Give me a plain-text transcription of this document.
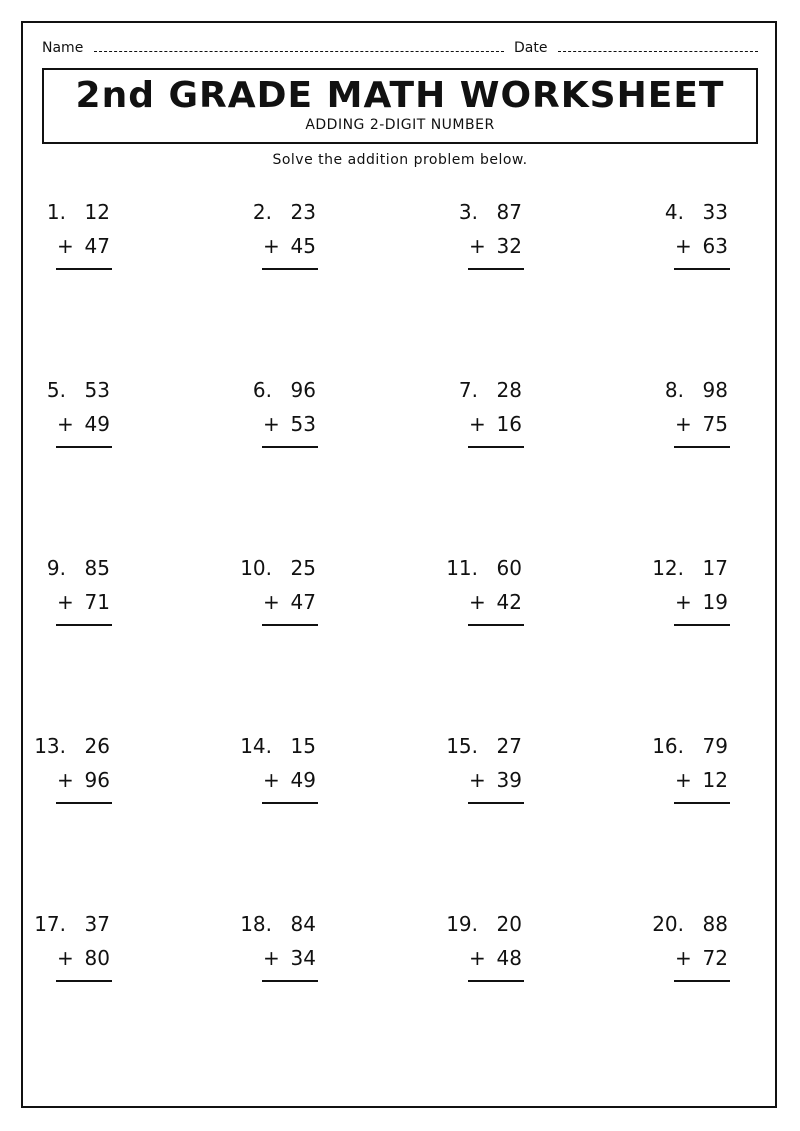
Name	Date
2nd GRADE MATH WORKSHEET
ADDING 2-DIGIT NUMBER
Solve the addition problem below.
1. 12
+ 47
2. 23
+ 45
3. 87
+ 32
4. 33
+ 63
5. 53
+ 49
6. 96
+ 53
7. 28
+ 16
8. 98
+ 75
9. 85
+ 71
10. 25
+ 47
11. 60
+ 42
12. 17
+ 19
13. 26
+ 96
14. 15
+ 49
15. 27
+ 39
16. 79
+ 12
17. 37
+ 80
18. 84
+ 34
19. 20
+ 48
20. 88
+ 72
